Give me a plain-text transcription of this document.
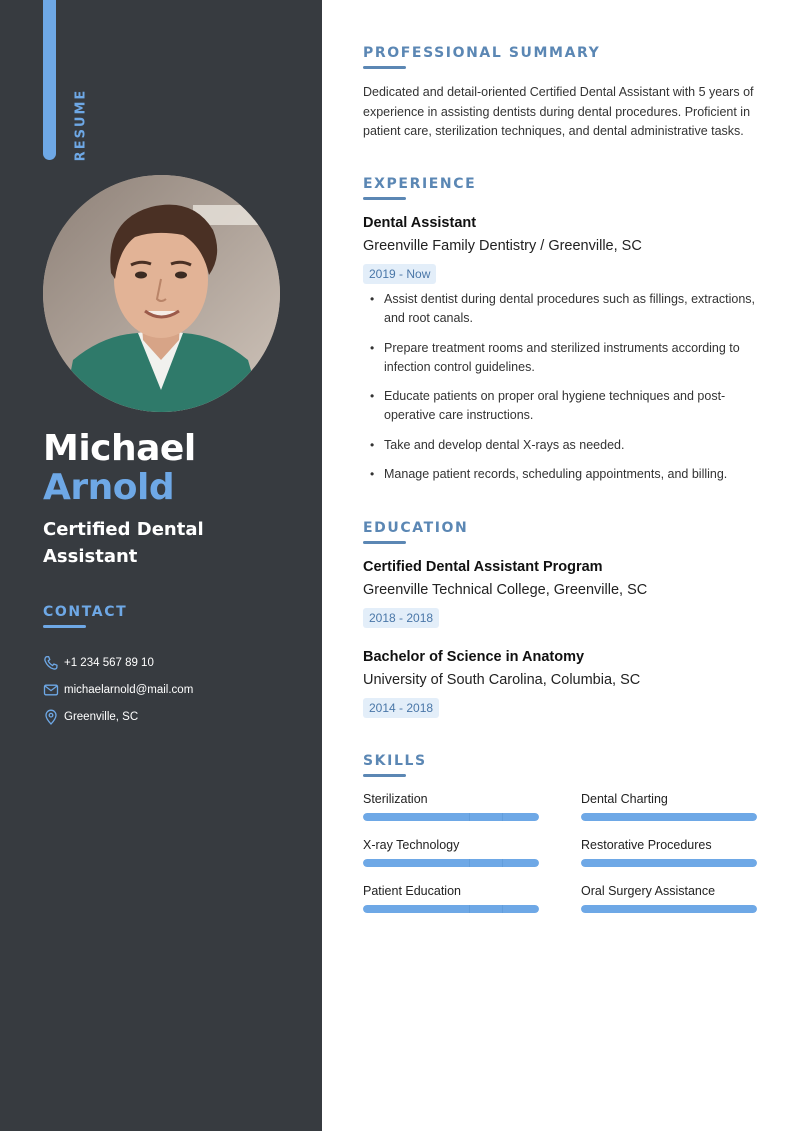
RESUME
Michael
Arnold
Certified Dental Assistant
CONTACT
+1 234 567 89 10
michaelarnold@mail.com
Greenville, SC
PROFESSIONAL SUMMARY
Dedicated and detail-oriented Certified Dental Assistant with 5 years of experience in assisting dentists during dental procedures. Proficient in patient care, sterilization techniques, and dental administrative tasks.
EXPERIENCE
Dental Assistant
Greenville Family Dentistry / Greenville, SC
2019 - Now
• Assist dentist during dental procedures such as fillings, extractions, and root canals.
• Prepare treatment rooms and sterilized instruments according to infection control guidelines.
• Educate patients on proper oral hygiene techniques and post-operative care instructions.
• Take and develop dental X-rays as needed.
• Manage patient records, scheduling appointments, and billing.
EDUCATION
Certified Dental Assistant Program
Greenville Technical College, Greenville, SC
2018 - 2018
Bachelor of Science in Anatomy
University of South Carolina, Columbia, SC
2014 - 2018
SKILLS
Sterilization	Dental Charting
X-ray Technology	Restorative Procedures
Patient Education	Oral Surgery Assistance
